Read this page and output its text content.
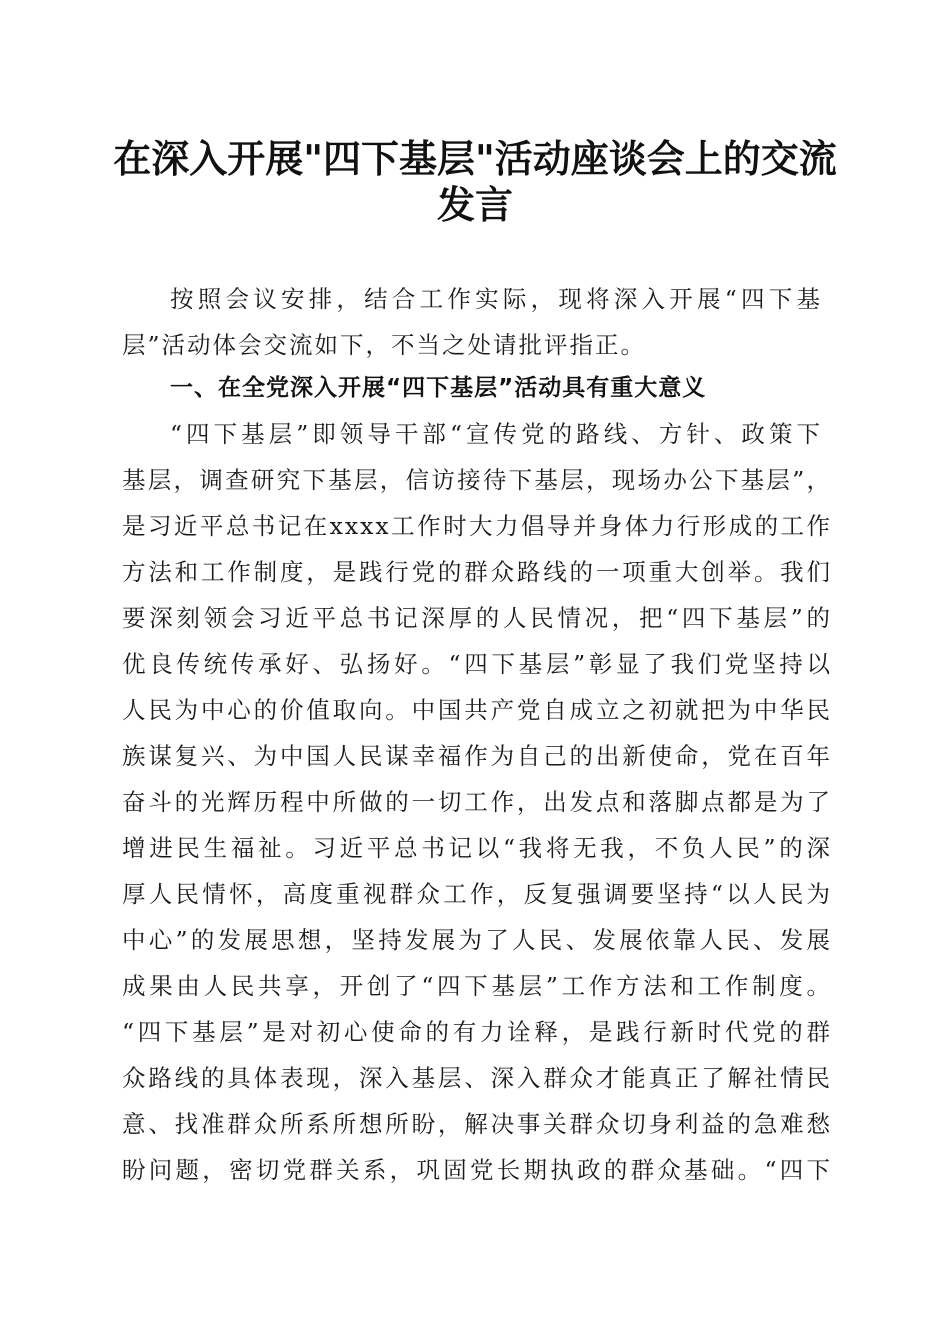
在深入开展"四下基层"活动座谈会上的交流
发言

按照会议安排，结合工作实际，现将深入开展“四下基

层”活动体会交流如下，不当之处请批评指正。

一、在全党深入开展“四下基层”活动具有重大意义

“四下基层”即领导干部“宣传党的路线、方针、政策下

基层，调查研究下基层，信访接待下基层，现场办公下基层”，

是习近平总书记在xxxx工作时大力倡导并身体力行形成的工作

方法和工作制度，是践行党的群众路线的一项重大创举。我们

要深刻领会习近平总书记深厚的人民情况，把“四下基层”的

优良传统传承好、弘扬好。“四下基层”彰显了我们党坚持以

人民为中心的价值取向。中国共产党自成立之初就把为中华民

族谋复兴、为中国人民谋幸福作为自己的出新使命，党在百年

奋斗的光辉历程中所做的一切工作，出发点和落脚点都是为了

增进民生福祉。习近平总书记以“我将无我，不负人民”的深

厚人民情怀，高度重视群众工作，反复强调要坚持“以人民为

中心”的发展思想，坚持发展为了人民、发展依靠人民、发展

成果由人民共享，开创了“四下基层”工作方法和工作制度。

“四下基层”是对初心使命的有力诠释，是践行新时代党的群

众路线的具体表现，深入基层、深入群众才能真正了解社情民

意、找准群众所系所想所盼，解决事关群众切身利益的急难愁

盼问题，密切党群关系，巩固党长期执政的群众基础。“四下
